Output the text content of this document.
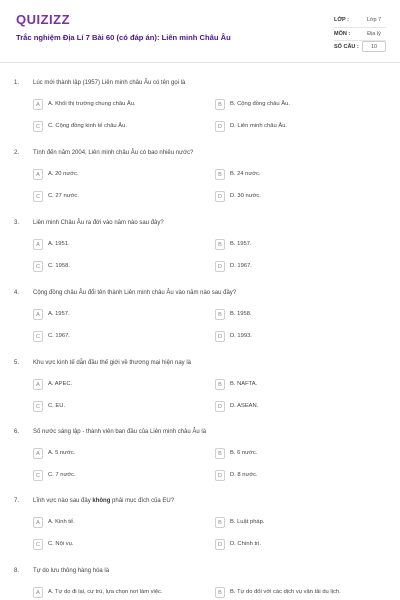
QUIZIZZ
Trắc nghiệm Địa Lí 7 Bài 60 (có đáp án): Liên minh Châu Âu
LỚP :	Lớp 7
MÔN :	Địa lý
SỐ CÂU :	10
1. Lúc mới thành lập (1957) Liên minh châu Âu có tên gọi là
A	A. Khối thị trường chung châu Âu.	B	B. Cộng đồng châu Âu.
C	C. Cộng đồng kinh tế châu Âu.	D	D. Liên minh châu Âu.
2. Tính đến năm 2004, Liên minh châu Âu có bao nhiêu nước?
A	A. 20 nước.	B	B. 24 nước.
C	C. 27 nước.	D	D. 30 nước.
3. Liên minh Châu Âu ra đời vào năm nào sau đây?
A	A. 1951.	B	B. 1957.
C	C. 1958.	D	D. 1967.
4. Cộng đồng châu Âu đổi tên thành Liên minh châu Âu vào năm nào sau đây?
A	A. 1957.	B	B. 1958.
C	C. 1967.	D	D. 1993.
5. Khu vực kinh tế dẫn đầu thế giới về thương mại hiện nay là
A	A. APEC.	B	B. NAFTA.
C	C. EU.	D	D. ASEAN.
6. Số nước sáng lập - thành viên ban đầu của Liên minh châu Âu là
A	A. 5 nước.	B	B. 6 nước.
C	C. 7 nước.	D	D. 8 nước.
7. Lĩnh vực nào sau đây không phải mục đích của EU?
A	A. Kinh tế.	B	B. Luật pháp.
C	C. Nội vụ.	D	D. Chính trị.
8. Tự do lưu thông hàng hóa là
A	A. Tự do đi lại, cư trú, lựa chọn nơi làm việc.	B	B. Tự do đối với các dịch vụ vận tải du lịch.
